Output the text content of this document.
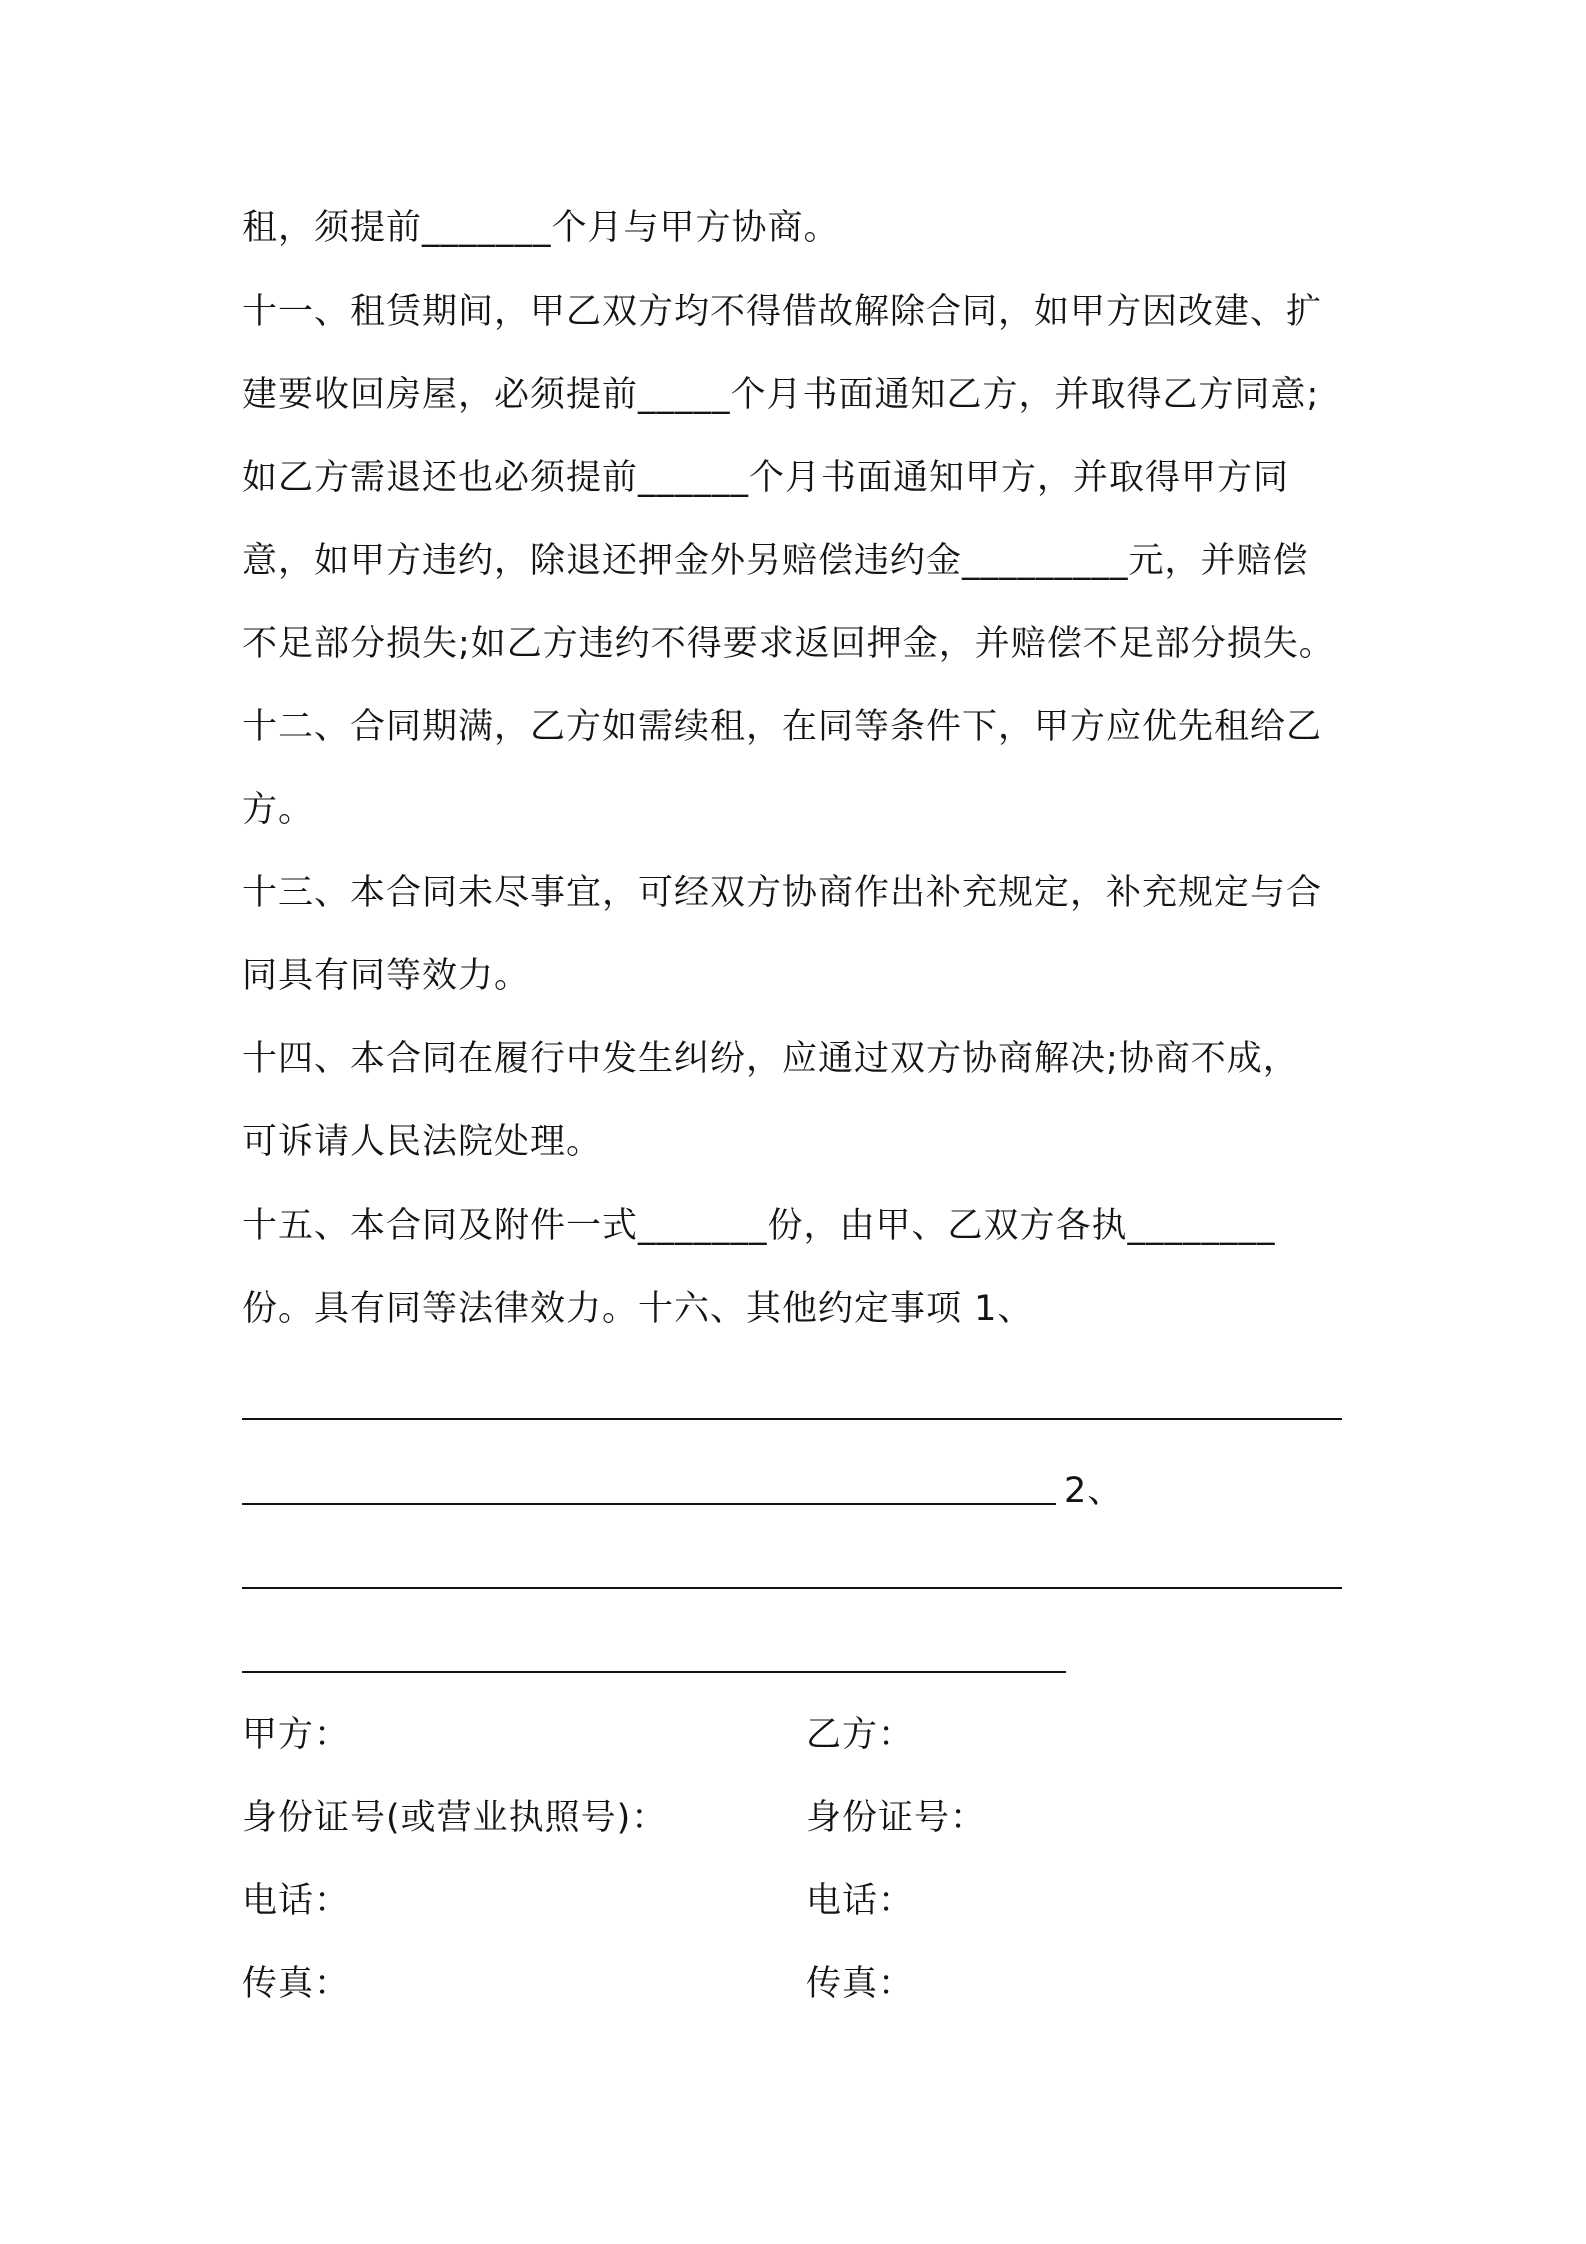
租，须提前_______个月与甲方协商。
十一、租赁期间，甲乙双方均不得借故解除合同，如甲方因改建、扩
建要收回房屋，必须提前_____个月书面通知乙方，并取得乙方同意;
如乙方需退还也必须提前______个月书面通知甲方，并取得甲方同
意，如甲方违约，除退还押金外另赔偿违约金_________元，并赔偿
不足部分损失;如乙方违约不得要求返回押金，并赔偿不足部分损失。
十二、合同期满，乙方如需续租，在同等条件下，甲方应优先租给乙
方。
十三、本合同未尽事宜，可经双方协商作出补充规定，补充规定与合
同具有同等效力。
十四、本合同在履行中发生纠纷，应通过双方协商解决;协商不成，
可诉请人民法院处理。
十五、本合同及附件一式_______份，由甲、乙双方各执________
份。具有同等法律效力。十六、其他约定事项 1、
2、
甲方：	乙方：
身份证号(或营业执照号)：	身份证号：
电话：	电话：
传真：	传真：
